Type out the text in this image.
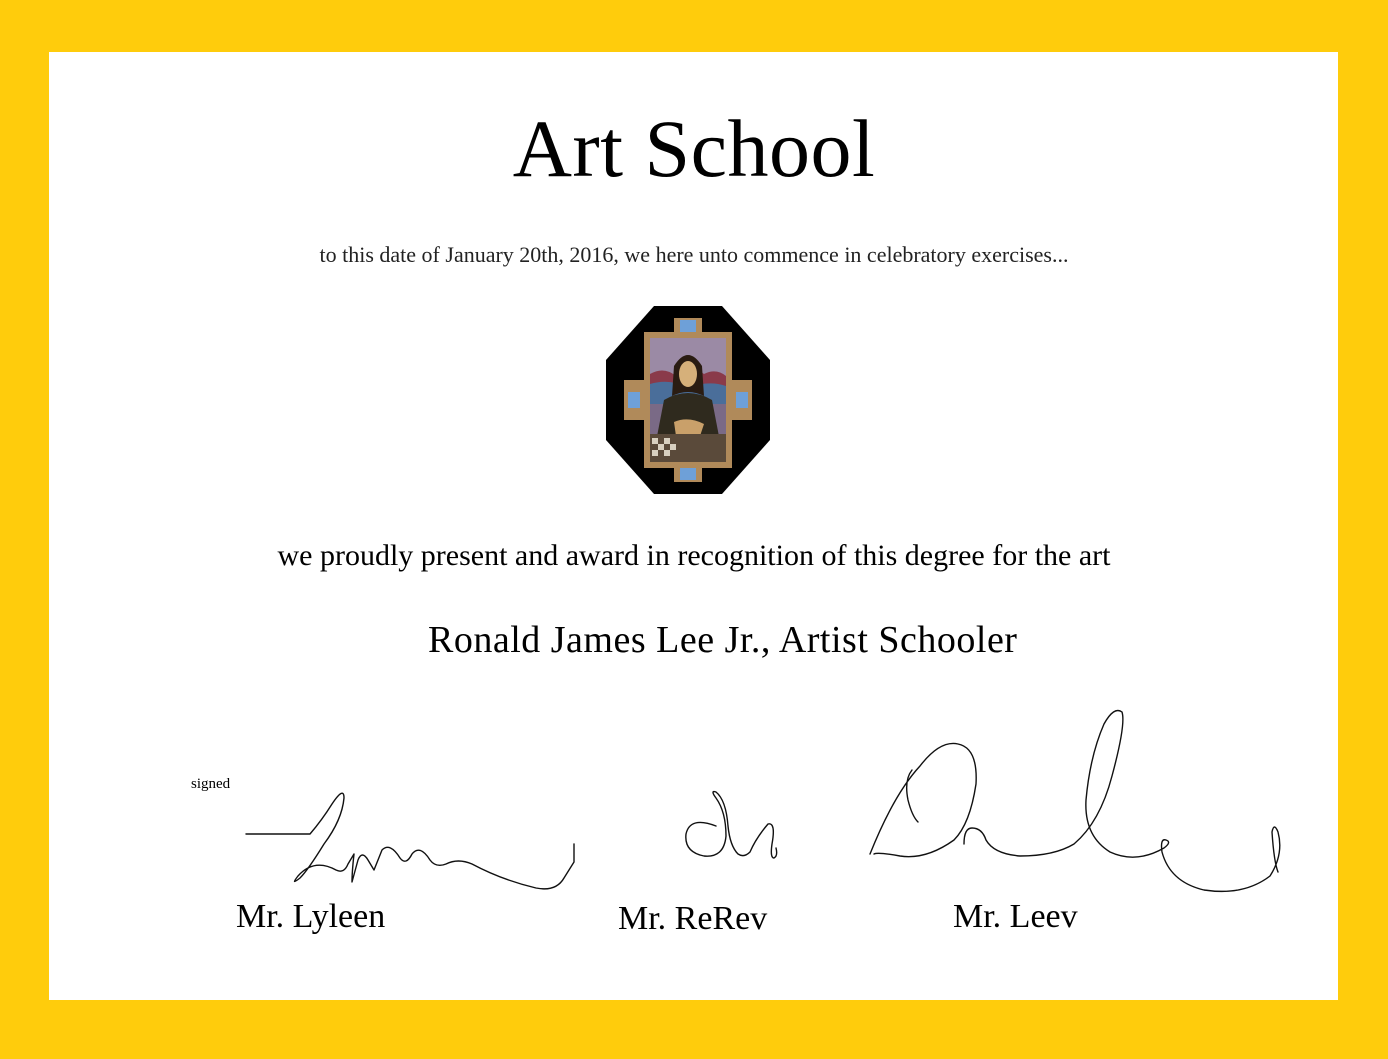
Art School
to this date of January 20th, 2016, we here unto commence in celebratory exercises...
we proudly present and award in recognition of this degree for the art
Ronald James Lee Jr., Artist Schooler
signed
Mr. Lyleen	Mr. ReRev	Mr. Leev
